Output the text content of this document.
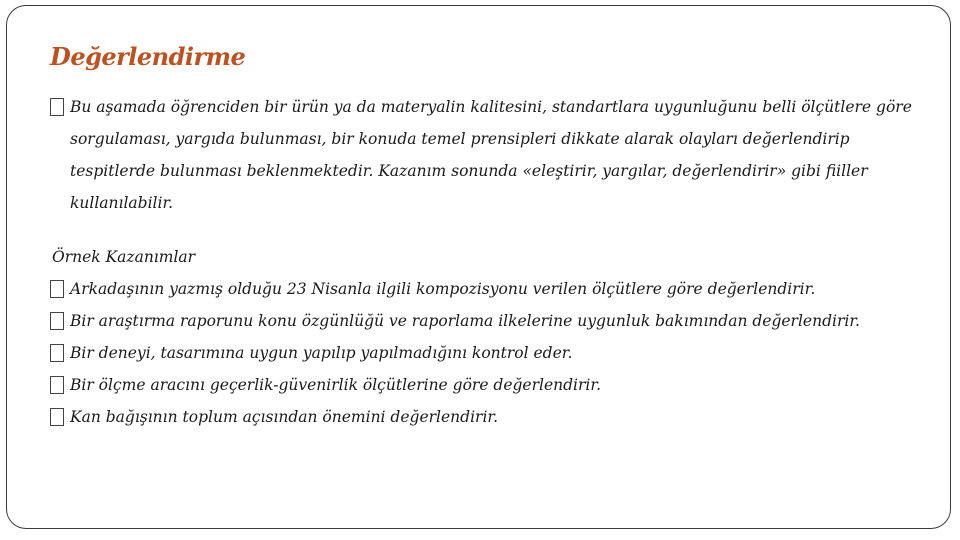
Değerlendirme
Bu aşamada öğrenciden bir ürün ya da materyalin kalitesini, standartlara uygunluğunu belli ölçütlere göre sorgulaması, yargıda bulunması, bir konuda temel prensipleri dikkate alarak olayları değerlendirip tespitlerde bulunması beklenmektedir. Kazanım sonunda «eleştirir, yargılar, değerlendirir» gibi fiiller kullanılabilir.
Örnek Kazanımlar
Arkadaşının yazmış olduğu 23 Nisanla ilgili kompozisyonu verilen ölçütlere göre değerlendirir.
Bir araştırma raporunu konu özgünlüğü ve raporlama ilkelerine uygunluk bakımından değerlendirir.
Bir deneyi, tasarımına uygun yapılıp yapılmadığını kontrol eder.
Bir ölçme aracını geçerlik-güvenirlik ölçütlerine göre değerlendirir.
Kan bağışının toplum açısından önemini değerlendirir.
